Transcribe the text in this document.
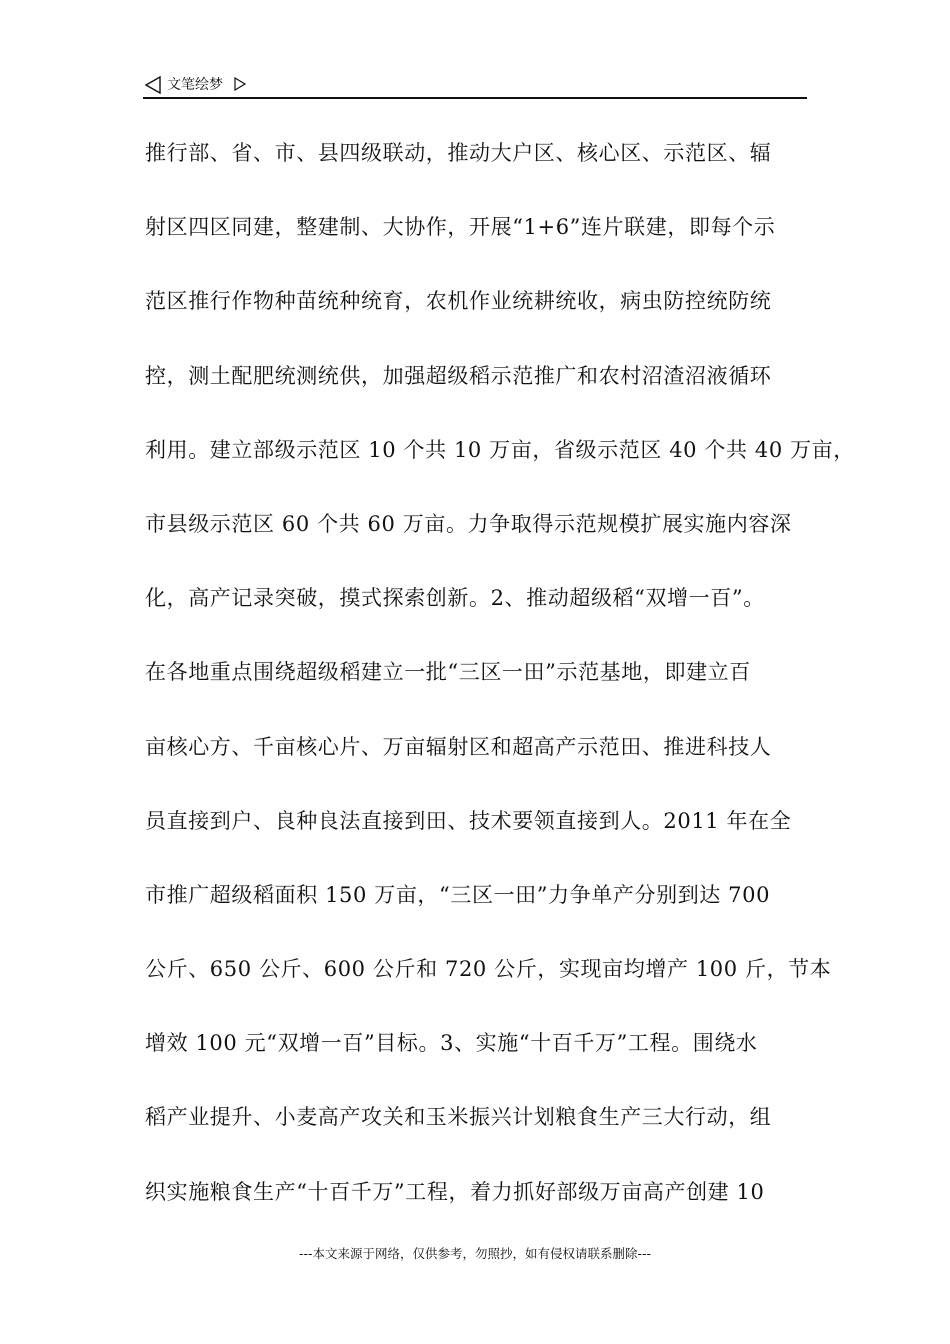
文笔绘梦
推行部、省、市、县四级联动，推动大户区、核心区、示范区、辐
射区四区同建，整建制、大协作，开展“1+6”连片联建，即每个示
范区推行作物种苗统种统育，农机作业统耕统收，病虫防控统防统
控，测土配肥统测统供，加强超级稻示范推广和农村沼渣沼液循环
利用。建立部级示范区 10 个共 10 万亩，省级示范区 40 个共 40 万亩，
市县级示范区 60 个共 60 万亩。力争取得示范规模扩展实施内容深
化，高产记录突破，摸式探索创新。2、推动超级稻“双增一百”。
在各地重点围绕超级稻建立一批“三区一田”示范基地，即建立百
亩核心方、千亩核心片、万亩辐射区和超高产示范田、推进科技人
员直接到户、良种良法直接到田、技术要领直接到人。2011 年在全
市推广超级稻面积 150 万亩，“三区一田”力争单产分别到达 700
公斤、650 公斤、600 公斤和 720 公斤，实现亩均增产 100 斤，节本
增效 100 元“双增一百”目标。3、实施“十百千万”工程。围绕水
稻产业提升、小麦高产攻关和玉米振兴计划粮食生产三大行动，组
织实施粮食生产“十百千万”工程，着力抓好部级万亩高产创建 10
---本文来源于网络，仅供参考，勿照抄，如有侵权请联系删除---
